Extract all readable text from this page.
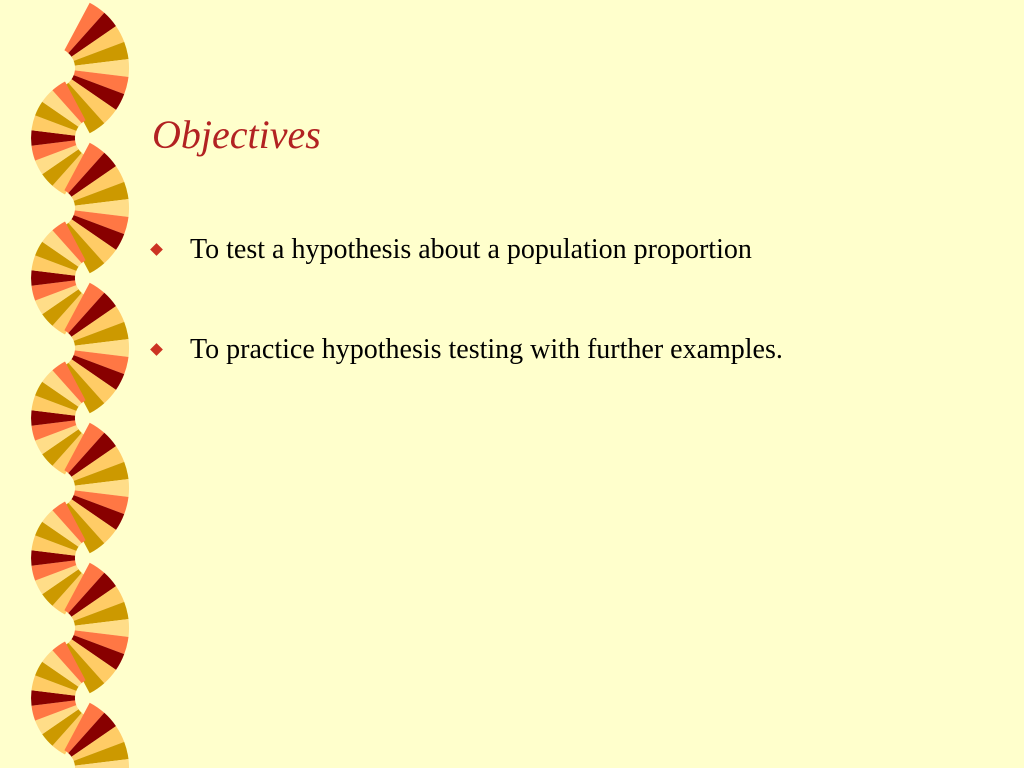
Objectives
To test a hypothesis about a population proportion
To practice hypothesis testing with further examples.
